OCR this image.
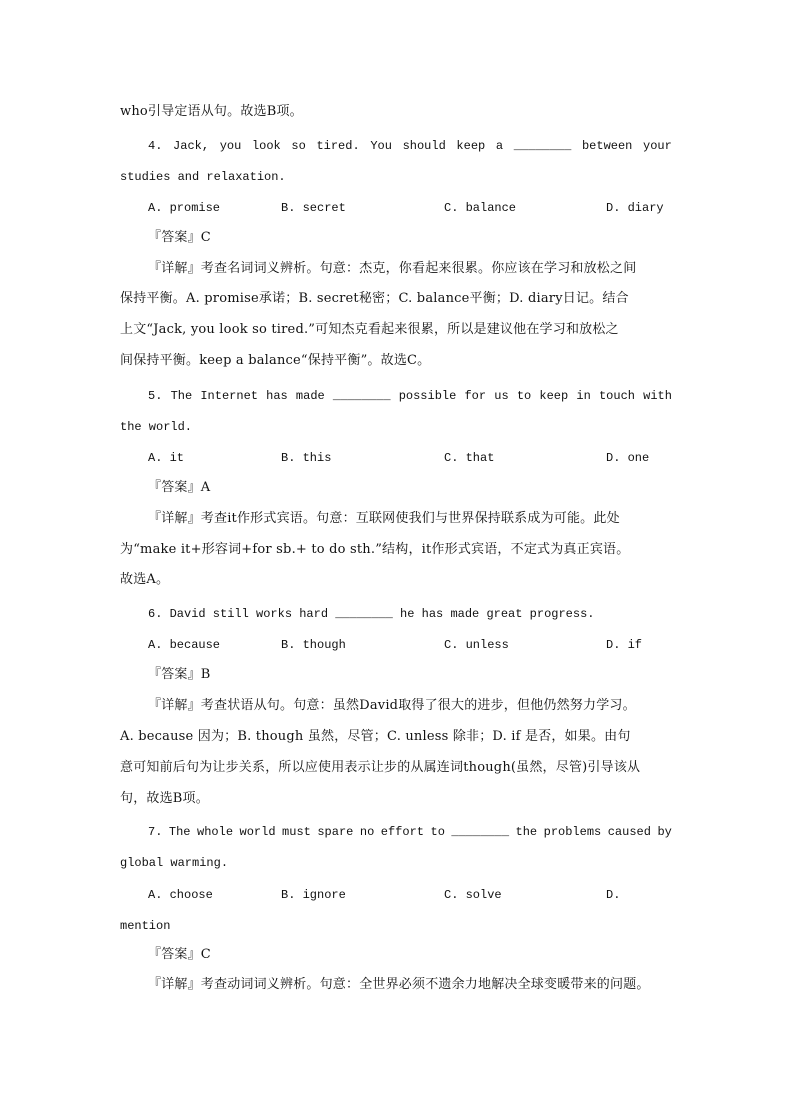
who引导定语从句。故选B项。
4. Jack, you look so tired. You should keep a ________ between your
studies and relaxation.
A. promise	B. secret	C. balance	D. diary
『答案』C
『详解』考查名词词义辨析。句意：杰克，你看起来很累。你应该在学习和放松之间
保持平衡。A. promise承诺；B. secret秘密；C. balance平衡；D. diary日记。结合
上文“Jack, you look so tired.”可知杰克看起来很累，所以是建议他在学习和放松之
间保持平衡。keep a balance“保持平衡”。故选C。
5. The Internet has made ________ possible for us to keep in touch with
the world.
A. it	B. this	C. that	D. one
『答案』A
『详解』考查it作形式宾语。句意：互联网使我们与世界保持联系成为可能。此处
为“make it+形容词+for sb.+ to do sth.”结构，it作形式宾语，不定式为真正宾语。
故选A。
6. David still works hard ________ he has made great progress.
A. because	B. though	C. unless	D. if
『答案』B
『详解』考查状语从句。句意：虽然David取得了很大的进步，但他仍然努力学习。
A. because 因为；B. though 虽然，尽管；C. unless 除非；D. if 是否，如果。由句
意可知前后句为让步关系，所以应使用表示让步的从属连词though(虽然，尽管)引导该从
句，故选B项。
7. The whole world must spare no effort to ________ the problems caused by
global warming.
A. choose	B. ignore	C. solve	D.
mention
『答案』C
『详解』考查动词词义辨析。句意：全世界必须不遗余力地解决全球变暖带来的问题。
